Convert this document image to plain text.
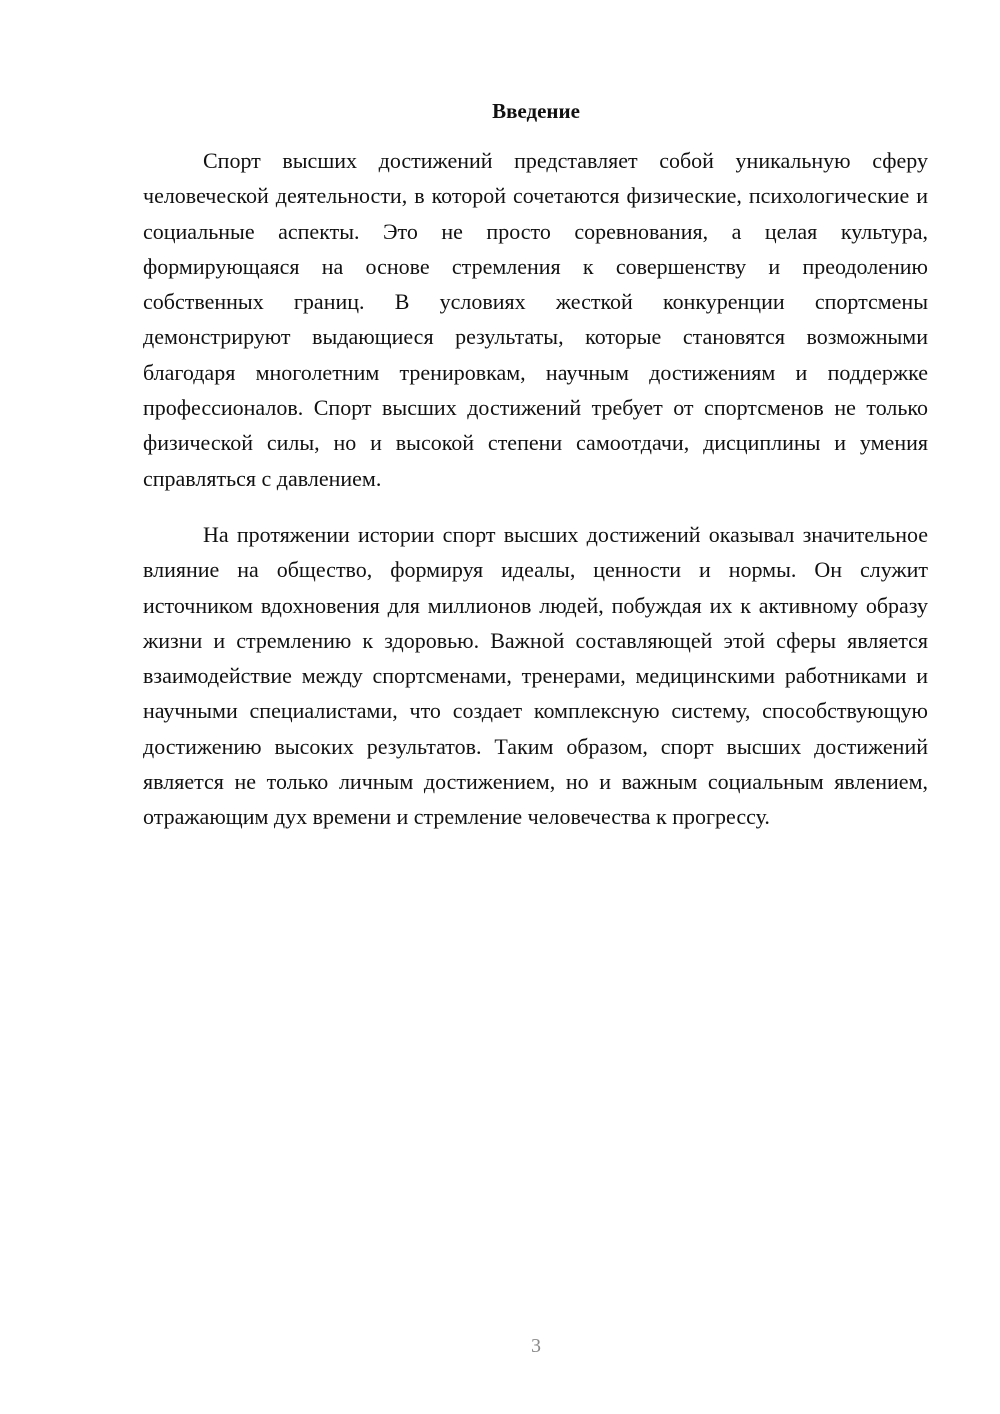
Введение

Спорт высших достижений представляет собой уникальную сферу человеческой деятельности, в которой сочетаются физические, психологические и социальные аспекты. Это не просто соревнования, а целая культура, формирующаяся на основе стремления к совершенству и преодолению собственных границ. В условиях жесткой конкуренции спортсмены демонстрируют выдающиеся результаты, которые становятся возможными благодаря многолетним тренировкам, научным достижениям и поддержке профессионалов. Спорт высших достижений требует от спортсменов не только физической силы, но и высокой степени самоотдачи, дисциплины и умения справляться с давлением.

На протяжении истории спорт высших достижений оказывал значительное влияние на общество, формируя идеалы, ценности и нормы. Он служит источником вдохновения для миллионов людей, побуждая их к активному образу жизни и стремлению к здоровью. Важной составляющей этой сферы является взаимодействие между спортсменами, тренерами, медицинскими работниками и научными специалистами, что создает комплексную систему, способствующую достижению высоких результатов. Таким образом, спорт высших достижений является не только личным достижением, но и важным социальным явлением, отражающим дух времени и стремление человечества к прогрессу.

3
